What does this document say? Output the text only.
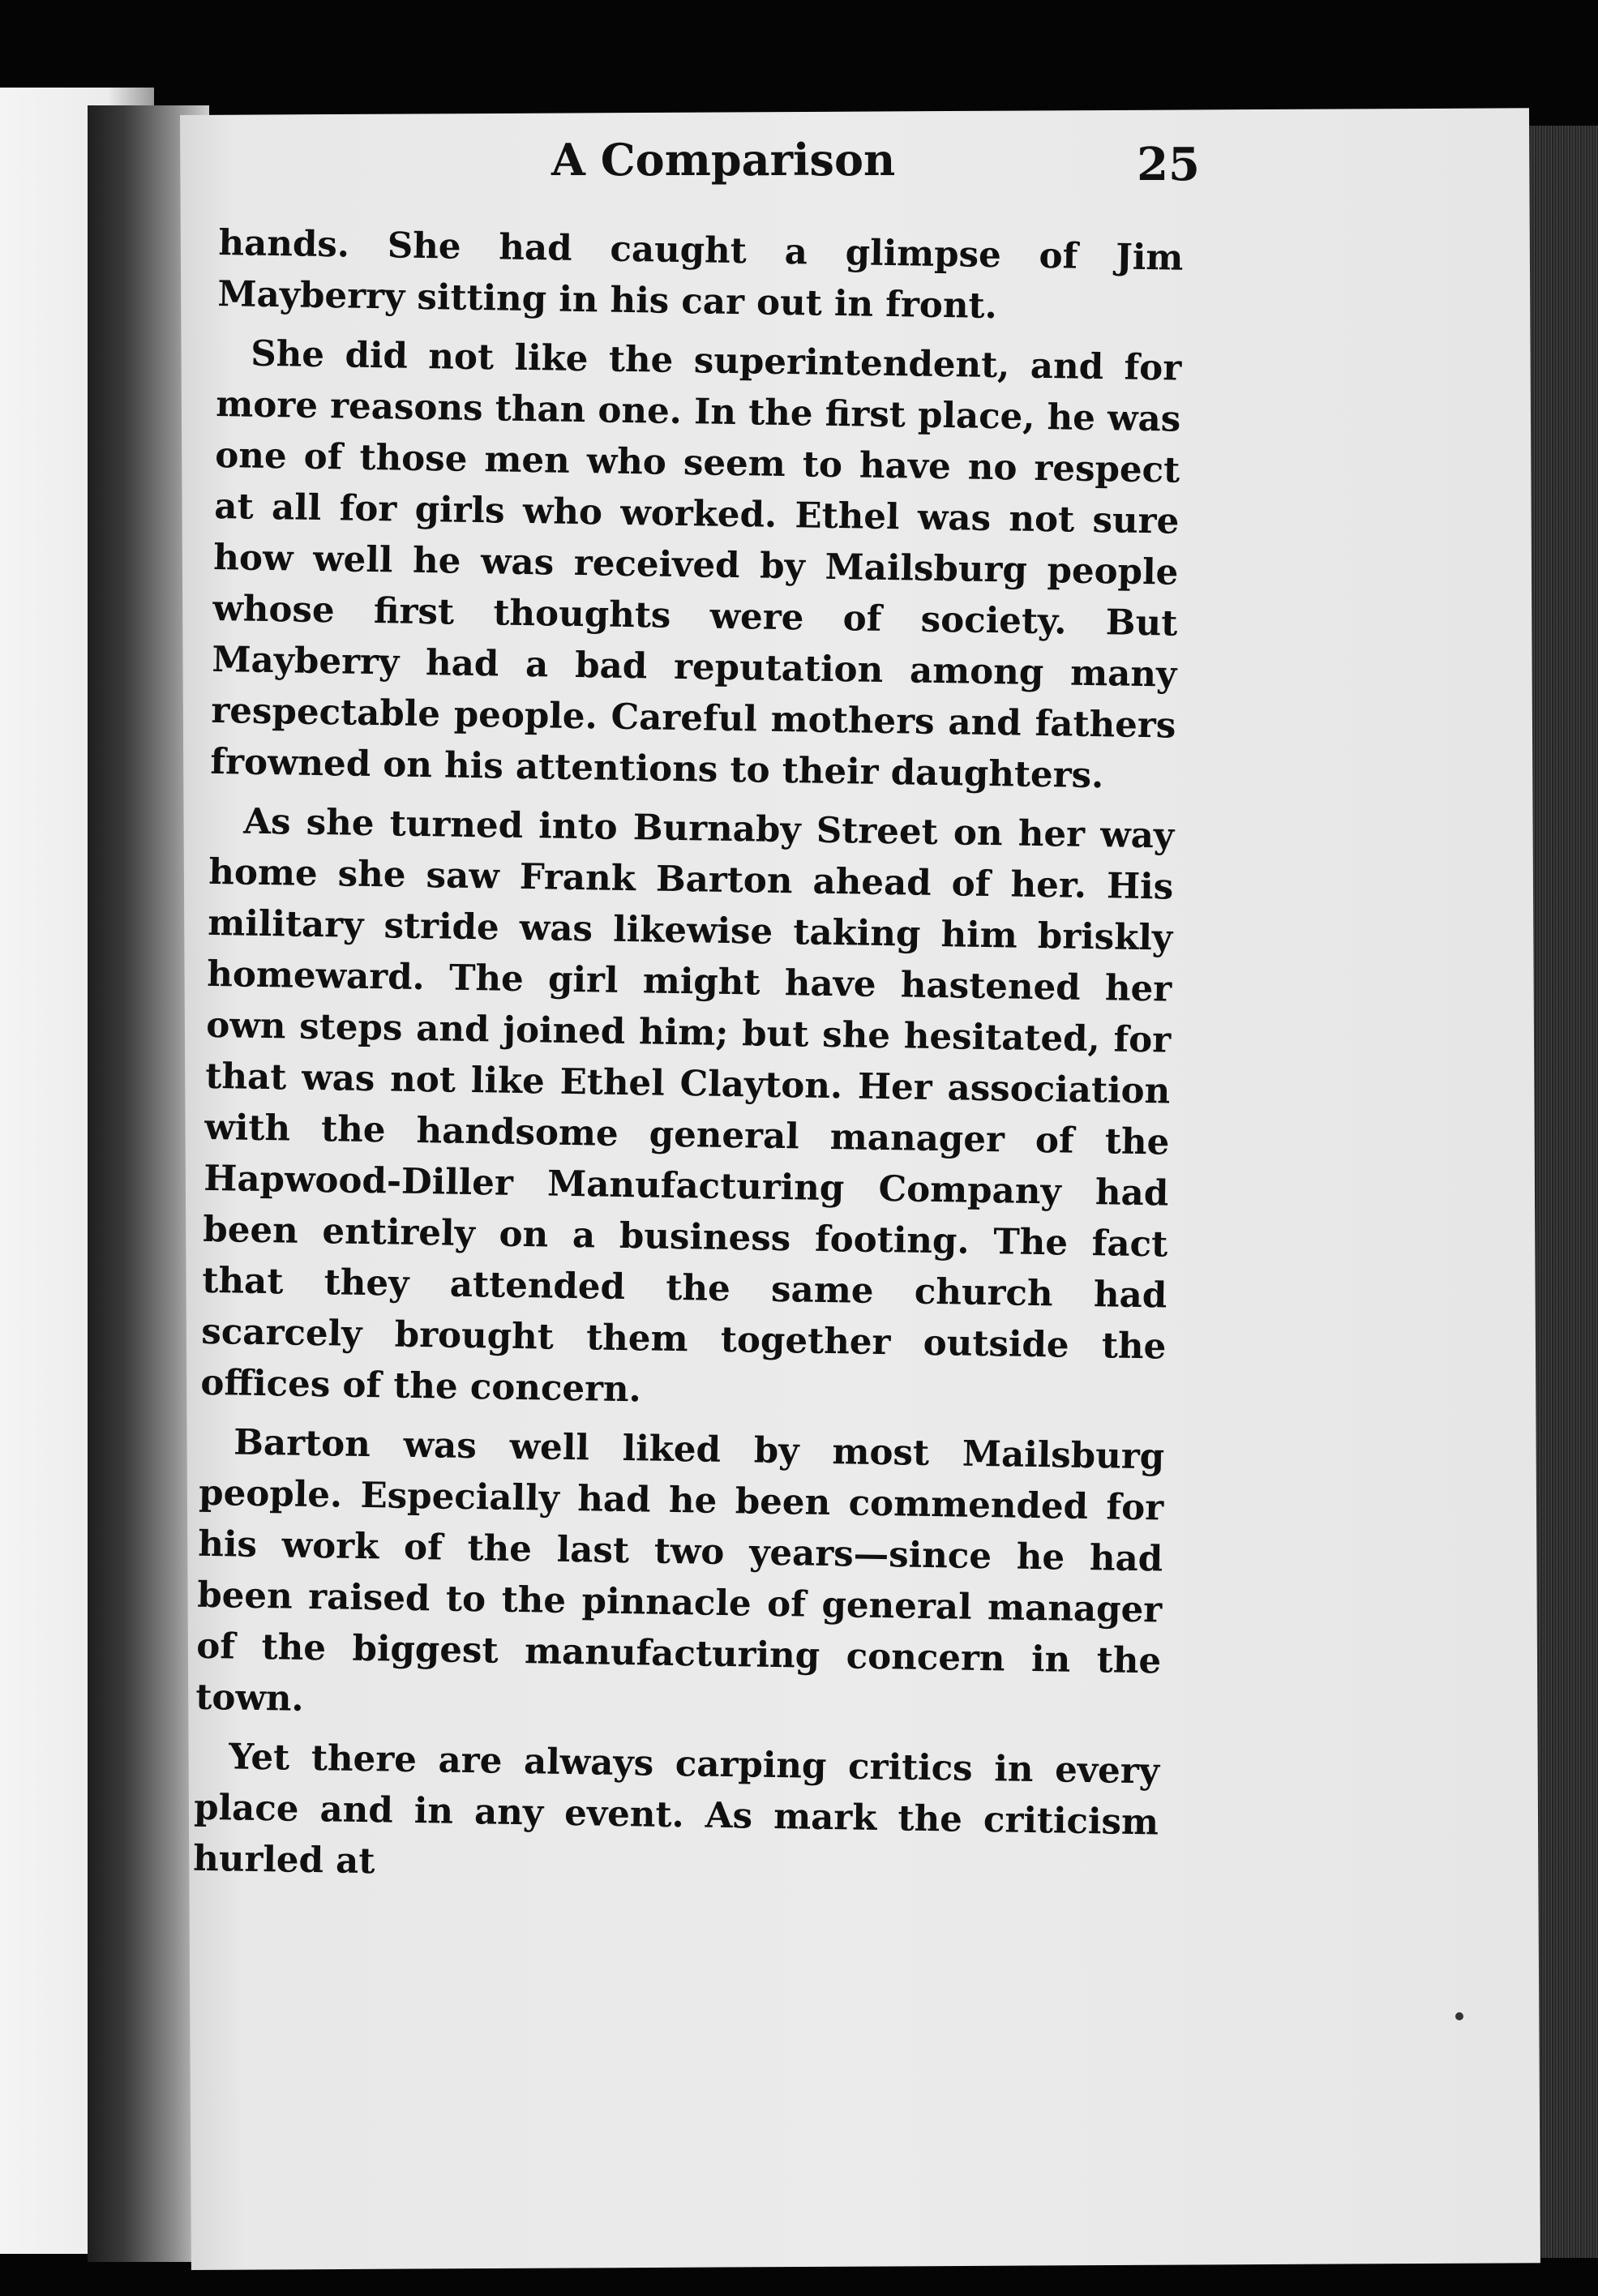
A Comparison	25

hands. She had caught a glimpse of Jim Mayberry sitting in his car out in front.

She did not like the superintendent, and for more reasons than one. In the first place, he was one of those men who seem to have no respect at all for girls who worked. Ethel was not sure how well he was received by Mailsburg people whose first thoughts were of society. But Mayberry had a bad reputation among many respectable people. Careful mothers and fathers frowned on his attentions to their daughters.

As she turned into Burnaby Street on her way home she saw Frank Barton ahead of her. His military stride was likewise taking him briskly homeward. The girl might have hastened her own steps and joined him; but she hesitated, for that was not like Ethel Clayton. Her association with the handsome general manager of the Hapwood-Diller Manufacturing Company had been entirely on a business footing. The fact that they attended the same church had scarcely brought them together outside the offices of the concern.

Barton was well liked by most Mailsburg people. Especially had he been commended for his work of the last two years—since he had been raised to the pinnacle of general manager of the biggest manufacturing concern in the town.

Yet there are always carping critics in every place and in any event. As mark the criticism hurled at
